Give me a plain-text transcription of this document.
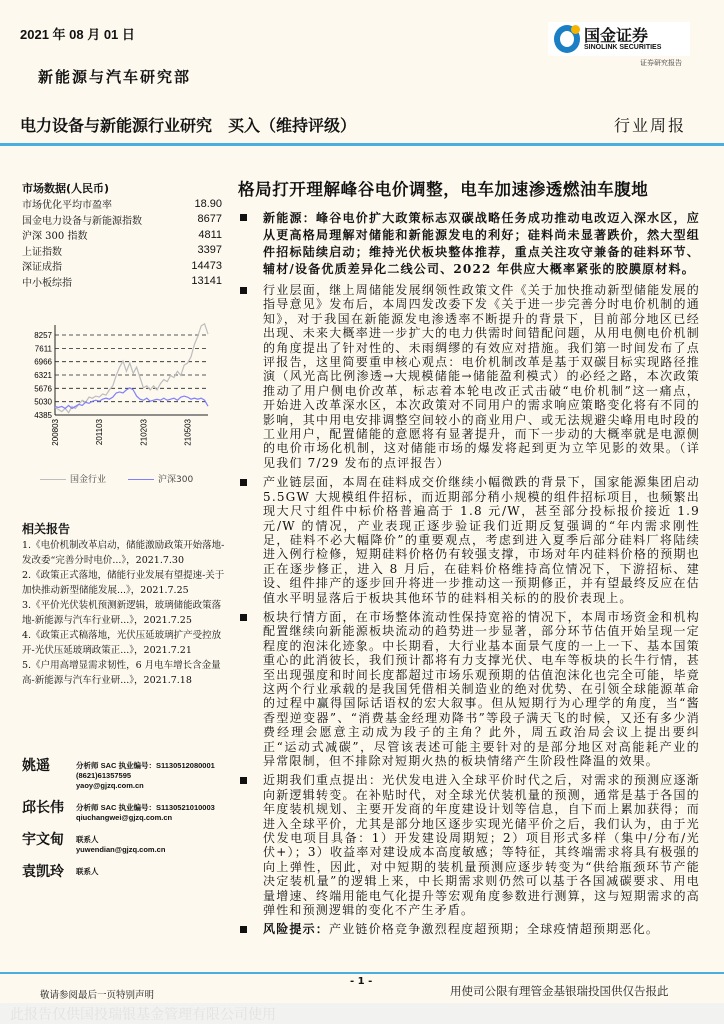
2021 年 08 月 01 日
新能源与汽车研究部
国金证券
SINOLINK SECURITIES
证券研究报告
电力设备与新能源行业研究　买入（维持评级）	行业周报
市场数据(人民币)
市场优化平均市盈率	18.90
国金电力设备与新能源指数	8677
沪深 300 指数	4811
上证指数	3397
深证成指	14473
中小板综指	13141
8257
7611
6966
6321
5676
5030
4385
200803	201103	210203	210503
国金行业	沪深300
相关报告
1.《电价机制改革启动，储能激励政策开始落地-发改委“完善分时电价...》，2021.7.30
2.《政策正式落地，储能行业发展有望提速-关于加快推动新型储能发展...》，2021.7.25
3.《平价光伏装机预测新逻辑，玻璃储能政策落地-新能源与汽车行业研...》，2021.7.25
4.《政策正式稿落地，光伏压延玻璃扩产受控放开-光伏压延玻璃政策正...》，2021.7.21
5.《户用高增显需求韧性，6 月电车增长含金量高-新能源与汽车行业研...》，2021.7.18
姚遥	分析师 SAC 执业编号：S1130512080001
(8621)61357595
yaoy@gjzq.com.cn
邱长伟	分析师 SAC 执业编号：S1130521010003
qiuchangwei@gjzq.com.cn
宇文甸	联系人
yuwendian@gjzq.com.cn
袁凯玲	联系人
格局打开理解峰谷电价调整，电车加速渗透燃油车腹地
新能源：峰谷电价扩大政策标志双碳战略任务成功推动电改迈入深水区，应从更高格局理解对储能和新能源发电的利好；硅料尚未显著跌价，然大型组件招标陆续启动；维持光伏板块整体推荐，重点关注攻守兼备的硅料环节、辅材/设备优质差异化二线公司、2022 年供应大概率紧张的胶膜原材料。
行业层面，继上周储能发展纲领性政策文件《关于加快推动新型储能发展的指导意见》发布后，本周四发改委下发《关于进一步完善分时电价机制的通知》，对于我国在新能源发电渗透率不断提升的背景下，目前部分地区已经出现、未来大概率进一步扩大的电力供需时间错配问题，从用电侧电价机制的角度提出了针对性的、未雨绸缪的有效应对措施。我们第一时间发布了点评报告，这里简要重申核心观点：电价机制改革是基于双碳目标实现路径推演（风光高比例渗透→大规模储能→储能盈利模式）的必经之路，本次政策推动了用户侧电价改革，标志着本轮电改正式击破“电价机制”这一痛点，开始进入改革深水区，本次政策对不同用户的需求响应策略变化将有不同的影响，其中用电安排调整空间较小的商业用户、或无法规避尖峰用电时段的工业用户，配置储能的意愿将有显著提升，而下一步动的大概率就是电源侧的电价市场化机制，这对储能市场的爆发将起到更为立竿见影的效果。（详见我们 7/29 发布的点评报告）
产业链层面，本周在硅料成交价继续小幅微跌的背景下，国家能源集团启动 5.5GW 大规模组件招标，而近期部分稍小规模的组件招标项目，也频繁出现大尺寸组件中标价格普遍高于 1.8 元/W，甚至部分投标报价接近 1.9 元/W 的情况，产业表现正逐步验证我们近期反复强调的“年内需求刚性足，硅料不必大幅降价”的重要观点，考虑到进入夏季后部分硅料厂将陆续进入例行检修，短期硅料价格仍有较强支撑，市场对年内硅料价格的预期也正在逐步修正，进入 8 月后，在硅料价格维持高位情况下，下游招标、建设、组件排产的逐步回升将进一步推动这一预期修正，并有望最终反应在估值水平明显落后于板块其他环节的硅料相关标的的股价表现上。
板块行情方面，在市场整体流动性保持宽裕的情况下，本周市场资金和机构配置继续向新能源板块流动的趋势进一步显著，部分环节估值开始呈现一定程度的泡沫化迹象。中长期看，大行业基本面景气度的一上一下、基本国策重心的此消彼长，我们预计都将有力支撑光伏、电车等板块的长牛行情，甚至出现强度和时间长度都超过市场乐观预期的估值泡沫化也完全可能，毕竟这两个行业承载的是我国凭借相关制造业的绝对优势、在引领全球能源革命的过程中赢得国际话语权的宏大叙事。但从短期行为心理学的角度，当“酱香型逆变器”、“消费基金经理劝降书”等段子满天飞的时候，又还有多少消费经理会愿意主动成为段子的主角？此外，周五政治局会议上提出要纠正“运动式减碳”，尽管该表述可能主要针对的是部分地区对高能耗产业的异常限制，但不排除对短期火热的板块情绪产生阶段性降温的效果。
近期我们重点提出：光伏发电进入全球平价时代之后，对需求的预测应逐渐向新逻辑转变。在补贴时代，对全球光伏装机量的预测，通常是基于各国的年度装机规划、主要开发商的年度建设计划等信息，自下而上累加获得；而进入全球平价，尤其是部分地区逐步实现光储平价之后，我们认为，由于光伏发电项目具备：1）开发建设周期短；2）项目形式多样（集中/分布/光伏+）；3）收益率对建设成本高度敏感；等特征，其终端需求将具有极强的向上弹性，因此，对中短期的装机量预测应逐步转变为“供给瓶颈环节产能决定装机量”的逻辑上来，中长期需求则仍然可以基于各国减碳要求、用电量增速、终端用能电气化提升等宏观角度参数进行测算，这与短期需求的高弹性和预测逻辑的变化不产生矛盾。
风险提示：产业链价格竞争激烈程度超预期；全球疫情超预期恶化。
- 1 -
用使司公限有理管金基银瑞投国供仅告报此
敬请参阅最后一页特别声明
此报告仅供国投瑞银基金管理有限公司使用
